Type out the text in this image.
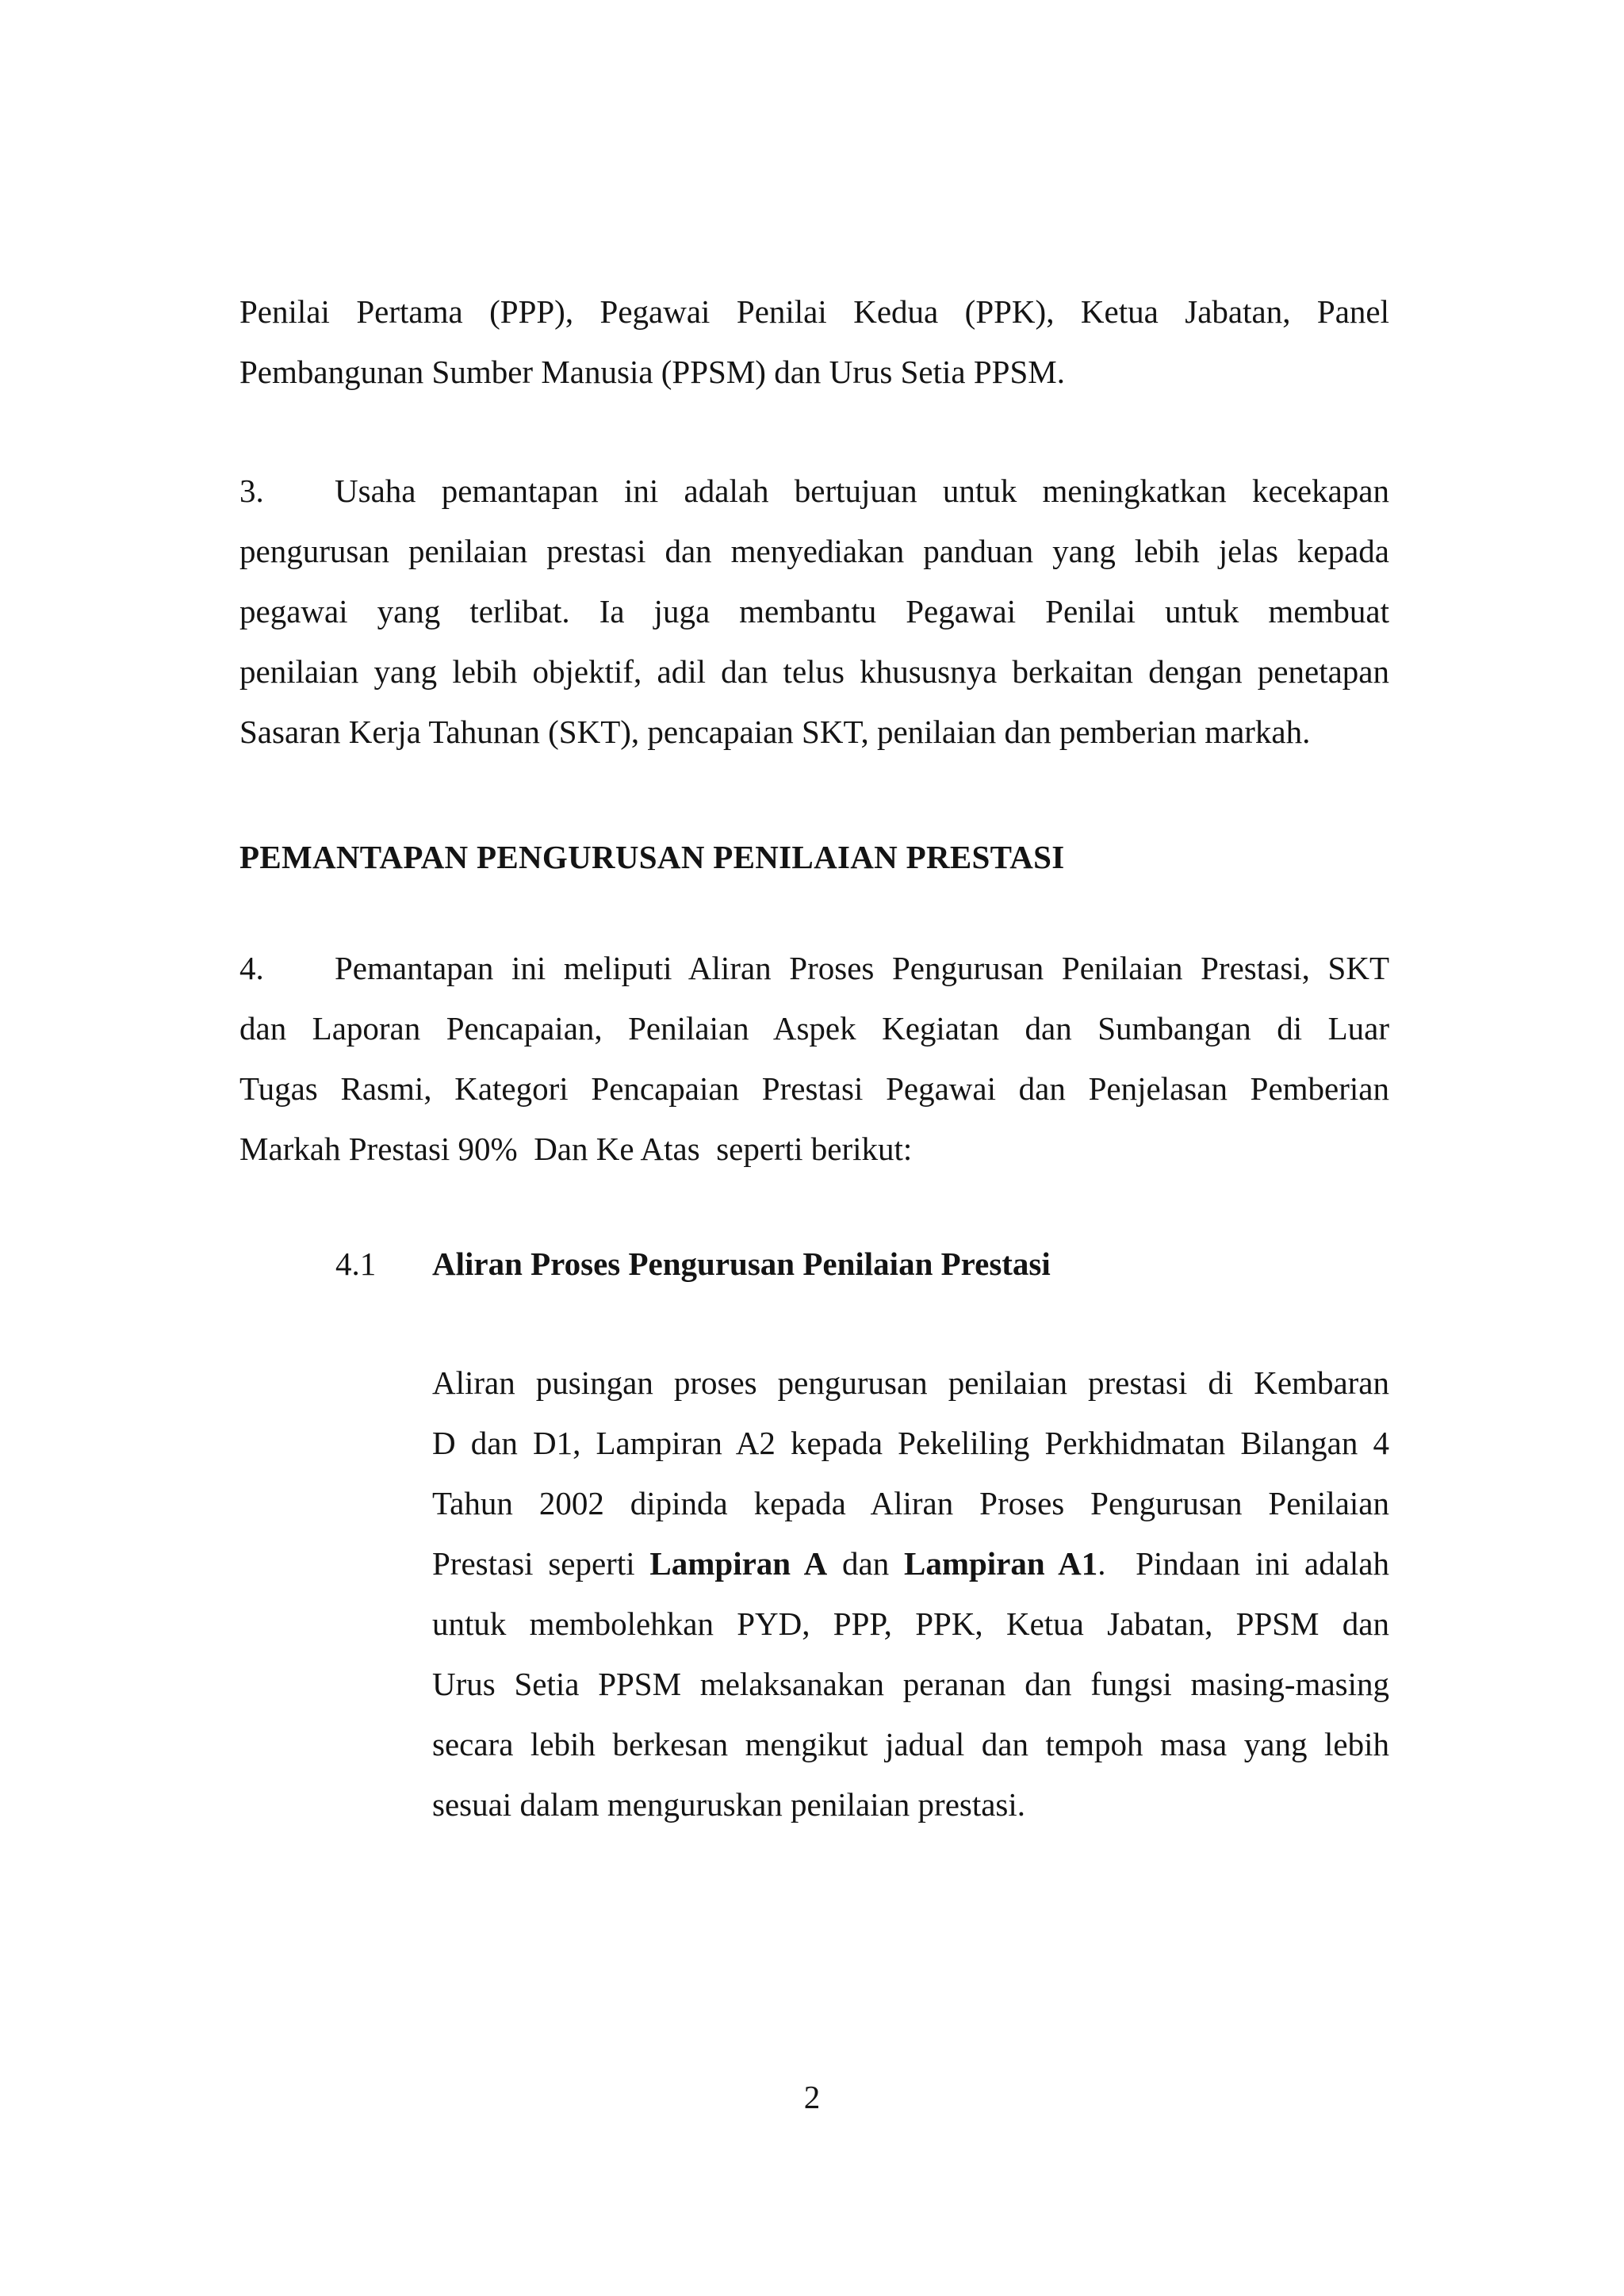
Penilai Pertama (PPP), Pegawai Penilai Kedua (PPK), Ketua Jabatan, Panel
Pembangunan Sumber Manusia (PPSM) dan Urus Setia PPSM.
3. Usaha pemantapan ini adalah bertujuan untuk meningkatkan kecekapan
pengurusan penilaian prestasi dan menyediakan panduan yang lebih jelas kepada
pegawai yang terlibat. Ia juga membantu Pegawai Penilai untuk membuat
penilaian yang lebih objektif, adil dan telus khususnya berkaitan dengan penetapan
Sasaran Kerja Tahunan (SKT), pencapaian SKT, penilaian dan pemberian markah.
PEMANTAPAN PENGURUSAN PENILAIAN PRESTASI
4. Pemantapan ini meliputi Aliran Proses Pengurusan Penilaian Prestasi, SKT
dan Laporan Pencapaian, Penilaian Aspek Kegiatan dan Sumbangan di Luar
Tugas Rasmi, Kategori Pencapaian Prestasi Pegawai dan Penjelasan Pemberian
Markah Prestasi 90%  Dan Ke Atas  seperti berikut:
4.1 Aliran Proses Pengurusan Penilaian Prestasi
Aliran pusingan proses pengurusan penilaian prestasi di Kembaran
D dan D1, Lampiran A2 kepada Pekeliling Perkhidmatan Bilangan 4
Tahun 2002 dipinda kepada Aliran Proses Pengurusan Penilaian
Prestasi seperti Lampiran A dan Lampiran A1.  Pindaan ini adalah
untuk membolehkan PYD, PPP, PPK, Ketua Jabatan, PPSM dan
Urus Setia PPSM melaksanakan peranan dan fungsi masing-masing
secara lebih berkesan mengikut jadual dan tempoh masa yang lebih
sesuai dalam menguruskan penilaian prestasi.
2
